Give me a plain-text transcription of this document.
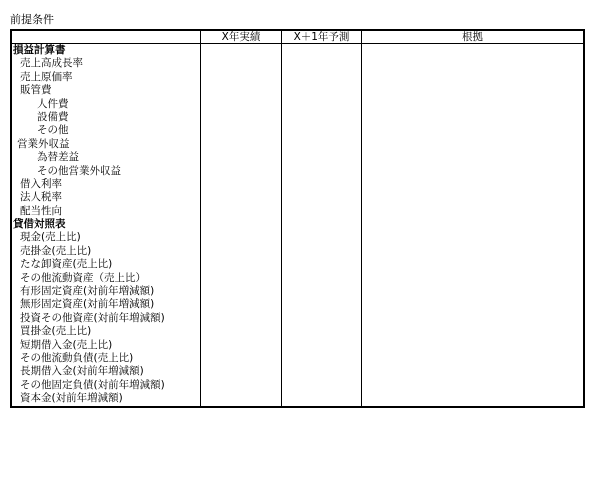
前提条件
X年実績	X＋1年予測	根拠
損益計算書
売上高成長率
売上原価率
販管費
人件費
設備費
その他
営業外収益
為替差益
その他営業外収益
借入利率
法人税率
配当性向
貸借対照表
現金(売上比)
売掛金(売上比)
たな卸資産(売上比)
その他流動資産（売上比）
有形固定資産(対前年増減額)
無形固定資産(対前年増減額)
投資その他資産(対前年増減額)
買掛金(売上比)
短期借入金(売上比)
その他流動負債(売上比)
長期借入金(対前年増減額)
その他固定負債(対前年増減額)
資本金(対前年増減額)
